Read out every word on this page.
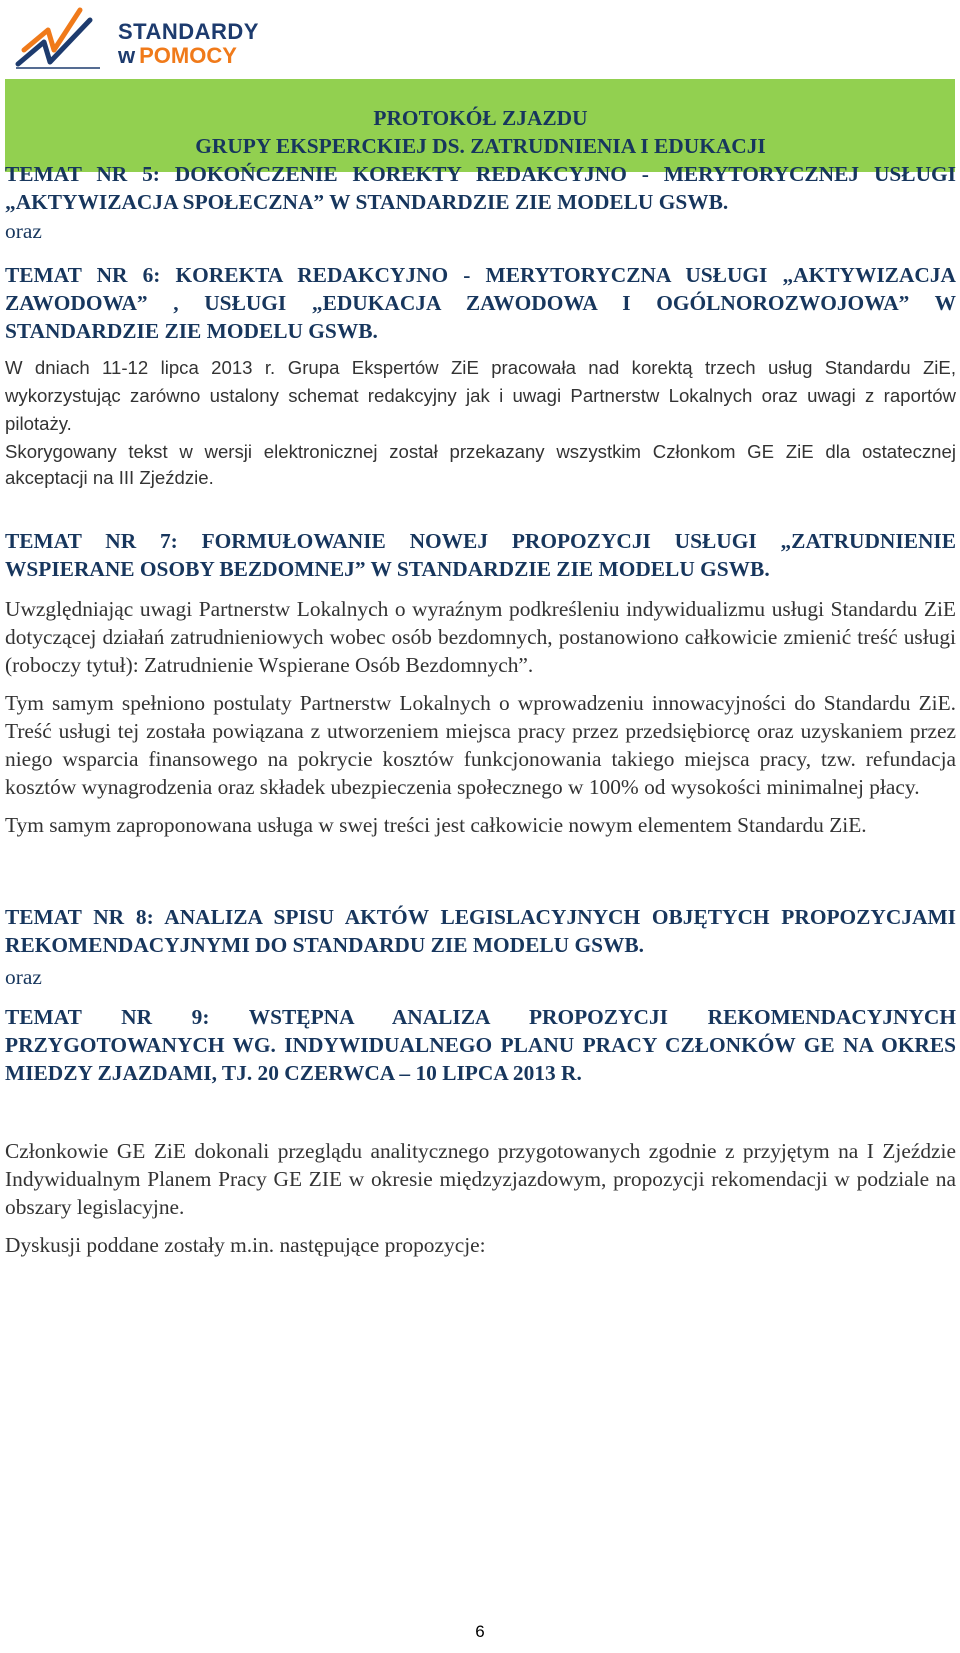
STANDARDY
w POMOCY
PROTOKÓŁ ZJAZDU
GRUPY EKSPERCKIEJ DS. ZATRUDNIENIA I EDUKACJI
TEMAT NR 5: DOKOŃCZENIE KOREKTY REDAKCYJNO - MERYTORYCZNEJ USŁUGI „AKTYWIZACJA SPOŁECZNA” W STANDARDZIE ZIE MODELU GSWB.
oraz
TEMAT NR 6: KOREKTA REDAKCYJNO - MERYTORYCZNA USŁUGI „AKTYWIZACJA ZAWODOWA” , USŁUGI „EDUKACJA ZAWODOWA I OGÓLNOROZWOJOWA” W STANDARDZIE ZIE MODELU GSWB.

W dniach 11-12 lipca 2013 r. Grupa Ekspertów ZiE pracowała nad korektą trzech usług Standardu ZiE, wykorzystując zarówno ustalony schemat redakcyjny jak i uwagi Partnerstw Lokalnych oraz uwagi z raportów pilotaży.

Skorygowany tekst w wersji elektronicznej został przekazany wszystkim Członkom GE ZiE dla ostatecznej akceptacji na III Zjeździe.

TEMAT NR 7: FORMUŁOWANIE NOWEJ PROPOZYCJI USŁUGI „ZATRUDNIENIE WSPIERANE OSOBY BEZDOMNEJ” W STANDARDZIE ZIE MODELU GSWB.

Uwzględniając uwagi Partnerstw Lokalnych o wyraźnym podkreśleniu indywidualizmu usługi Standardu ZiE dotyczącej działań zatrudnieniowych wobec osób bezdomnych, postanowiono całkowicie zmienić treść usługi (roboczy tytuł): Zatrudnienie Wspierane Osób Bezdomnych”.

Tym samym spełniono postulaty Partnerstw Lokalnych o wprowadzeniu innowacyjności do Standardu ZiE. Treść usługi tej została powiązana z utworzeniem miejsca pracy przez przedsiębiorcę oraz uzyskaniem przez niego wsparcia finansowego na pokrycie kosztów funkcjonowania takiego miejsca pracy, tzw. refundacja kosztów wynagrodzenia oraz składek ubezpieczenia społecznego w 100% od wysokości minimalnej płacy.

Tym samym zaproponowana usługa w swej treści jest całkowicie nowym elementem Standardu ZiE.

TEMAT NR 8: ANALIZA SPISU AKTÓW LEGISLACYJNYCH OBJĘTYCH PROPOZYCJAMI REKOMENDACYJNYMI DO STANDARDU ZIE MODELU GSWB.
oraz
TEMAT NR 9: WSTĘPNA ANALIZA PROPOZYCJI REKOMENDACYJNYCH PRZYGOTOWANYCH WG. INDYWIDUALNEGO PLANU PRACY CZŁONKÓW GE NA OKRES MIEDZY ZJAZDAMI, TJ. 20 CZERWCA – 10 LIPCA 2013 R.

Członkowie GE ZiE dokonali przeglądu analitycznego przygotowanych zgodnie z przyjętym na I Zjeździe Indywidualnym Planem Pracy GE ZIE w okresie międzyzjazdowym, propozycji rekomendacji w podziale na obszary legislacyjne.

Dyskusji poddane zostały m.in. następujące propozycje:

6
